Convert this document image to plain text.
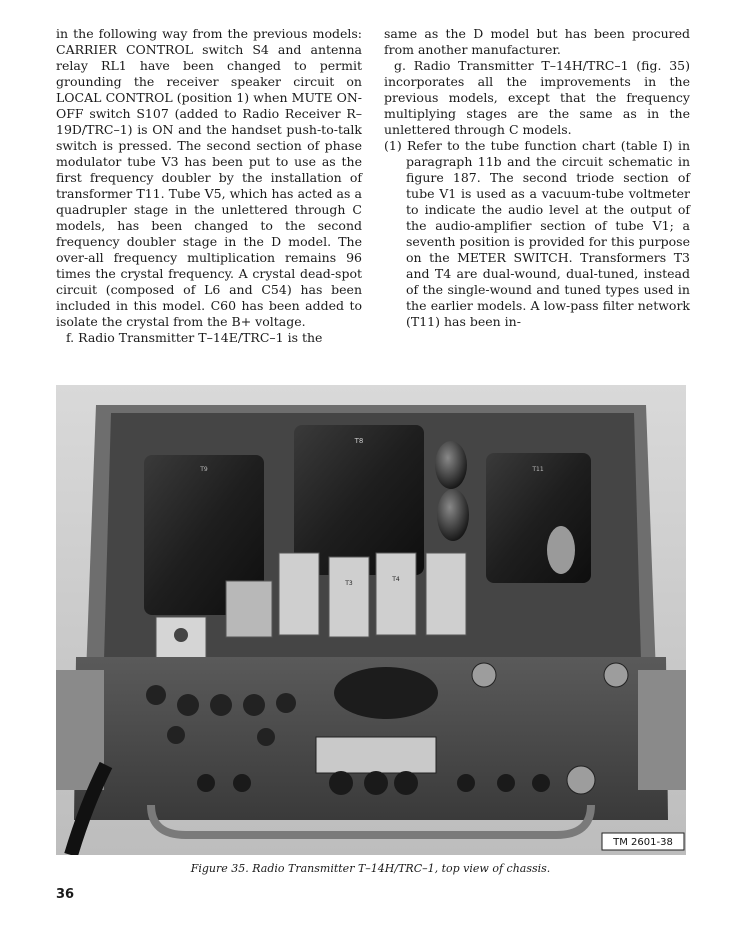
in the following way from the previous models: CARRIER CONTROL switch S4 and antenna relay RL1 have been changed to permit grounding the receiver speaker circuit on LOCAL CONTROL (position 1) when MUTE ON-OFF switch S107 (added to Radio Receiver R–19D/TRC–1) is ON and the handset push-to-talk switch is pressed. The second section of phase modulator tube V3 has been put to use as the first frequency doubler by the installation of transformer T11. Tube V5, which has acted as a quadrupler stage in the unlettered through C models, has been changed to the second frequency doubler stage in the D model. The over-all frequency multiplication remains 96 times the crystal frequency. A crystal dead-spot circuit (composed of L6 and C54) has been included in this model. C60 has been added to isolate the crystal from the B+ voltage.

f. Radio Transmitter T–14E/TRC–1 is the

same as the D model but has been procured from another manufacturer.

g. Radio Transmitter T–14H/TRC–1 (fig. 35) incorporates all the improvements in the previous models, except that the frequency multiplying stages are the same as in the unlettered through C models.

(1) Refer to the tube function chart (table I) in paragraph 11b and the circuit schematic in figure 187. The second triode section of tube V1 is used as a vacuum-tube voltmeter to indicate the audio level at the output of the audio-amplifier section of tube V1; a seventh position is provided for this purpose on the METER SWITCH. Transformers T3 and T4 are dual-wound, dual-tuned, instead of the single-wound and tuned types used in the earlier models. A low-pass filter network (T11) has been in-

T9
T8
T11
T3
T4
TM 2601-38
Figure 35. Radio Transmitter T–14H/TRC–1, top view of chassis.
36
